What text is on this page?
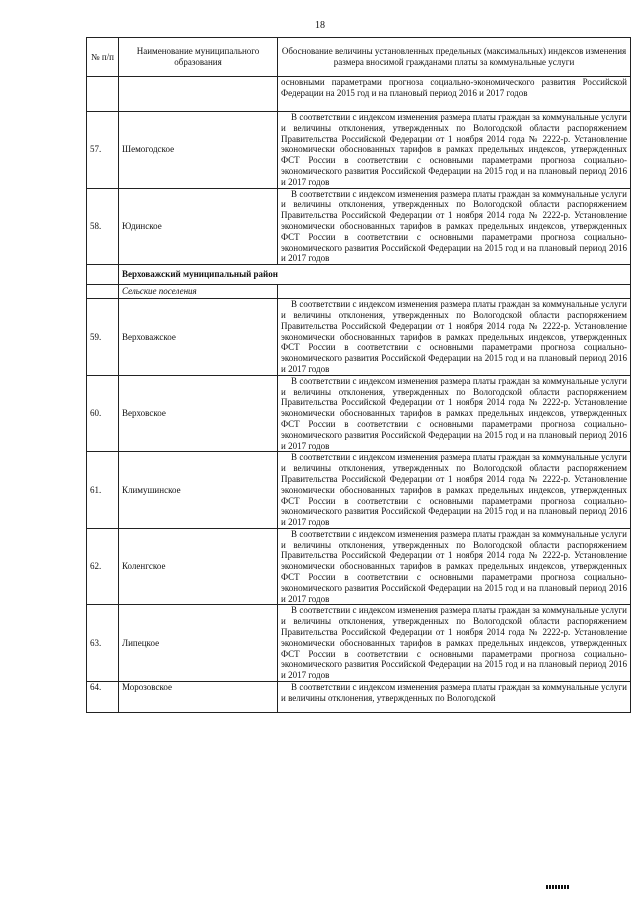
18
№ п/п	Наименование муниципального образования	Обоснование величины установленных предельных (максимальных) индексов изменения размера вносимой гражданами платы за коммунальные услуги
		основными параметрами прогноза социально-экономического развития Российской Федерации на 2015 год и на плановый период 2016 и 2017 годов
57.	Шемогодское	В соответствии с индексом изменения размера платы граждан за коммунальные услуги и величины отклонения, утвержденных по Вологодской области распоряжением Правительства Российской Федерации от 1 ноября 2014 года № 2222-р. Установление экономически обоснованных тарифов в рамках предельных индексов, утвержденных ФСТ России в соответствии с основными параметрами прогноза социально-экономического развития Российской Федерации на 2015 год и на плановый период 2016 и 2017 годов
58.	Юдинское	В соответствии с индексом изменения размера платы граждан за коммунальные услуги и величины отклонения, утвержденных по Вологодской области распоряжением Правительства Российской Федерации от 1 ноября 2014 года № 2222-р. Установление экономически обоснованных тарифов в рамках предельных индексов, утвержденных ФСТ России в соответствии с основными параметрами прогноза социально-экономического развития Российской Федерации на 2015 год и на плановый период 2016 и 2017 годов
	Верховажский муниципальный район	
	Сельские поселения	
59.	Верховажское	В соответствии с индексом изменения размера платы граждан за коммунальные услуги и величины отклонения, утвержденных по Вологодской области распоряжением Правительства Российской Федерации от 1 ноября 2014 года № 2222-р. Установление экономически обоснованных тарифов в рамках предельных индексов, утвержденных ФСТ России в соответствии с основными параметрами прогноза социально-экономического развития Российской Федерации на 2015 год и на плановый период 2016 и 2017 годов
60.	Верховское	В соответствии с индексом изменения размера платы граждан за коммунальные услуги и величины отклонения, утвержденных по Вологодской области распоряжением Правительства Российской Федерации от 1 ноября 2014 года № 2222-р. Установление экономически обоснованных тарифов в рамках предельных индексов, утвержденных ФСТ России в соответствии с основными параметрами прогноза социально-экономического развития Российской Федерации на 2015 год и на плановый период 2016 и 2017 годов
61.	Климушинское	В соответствии с индексом изменения размера платы граждан за коммунальные услуги и величины отклонения, утвержденных по Вологодской области распоряжением Правительства Российской Федерации от 1 ноября 2014 года № 2222-р. Установление экономически обоснованных тарифов в рамках предельных индексов, утвержденных ФСТ России в соответствии с основными параметрами прогноза социально-экономического развития Российской Федерации на 2015 год и на плановый период 2016 и 2017 годов
62.	Коленгское	В соответствии с индексом изменения размера платы граждан за коммунальные услуги и величины отклонения, утвержденных по Вологодской области распоряжением Правительства Российской Федерации от 1 ноября 2014 года № 2222-р. Установление экономически обоснованных тарифов в рамках предельных индексов, утвержденных ФСТ России в соответствии с основными параметрами прогноза социально-экономического развития Российской Федерации на 2015 год и на плановый период 2016 и 2017 годов
63.	Липецкое	В соответствии с индексом изменения размера платы граждан за коммунальные услуги и величины отклонения, утвержденных по Вологодской области распоряжением Правительства Российской Федерации от 1 ноября 2014 года № 2222-р. Установление экономически обоснованных тарифов в рамках предельных индексов, утвержденных ФСТ России в соответствии с основными параметрами прогноза социально-экономического развития Российской Федерации на 2015 год и на плановый период 2016 и 2017 годов
64.	Морозовское	В соответствии с индексом изменения размера платы граждан за коммунальные услуги и величины отклонения, утвержденных по Вологодской
